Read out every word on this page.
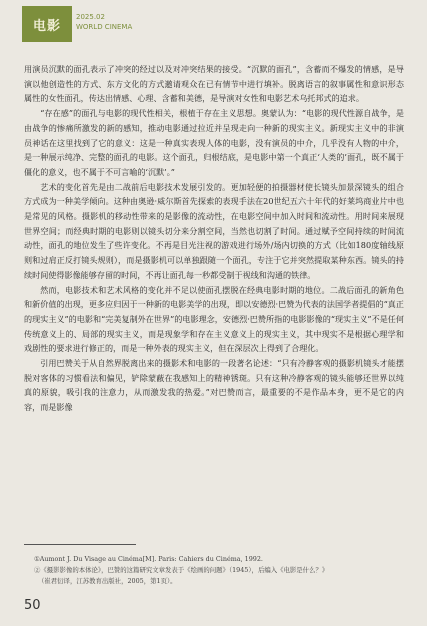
电影
2025.02
WORLD CINEMA

用演员沉默的面孔表示了冲突的经过以及对冲突结果的接受。“沉默的面孔”，含蓄而不爆发的情感，是导演以他创造性的方式、东方文化的方式邀请观众在已有情节中进行填补。脱离语言的叙事属性和意识形态属性的女性面孔，传达出情感、心理、含蓄和美德，是导演对女性和电影艺术乌托邦式的追求。

“存在感”的面孔与电影的现代性相关，根植于存在主义思想。奥蒙认为：“电影的现代性源自战争，是由战争的惨痛所激发的新的感知，推动电影通过拉近并呈现走向一种新的现实主义。新现实主义中的非演员神话在这里找到了它的意义：这是一种真实表现人体的电影，没有演员的中介，几乎没有人物的中介，是一种展示纯净、完整的面孔的电影。这个面孔，归根结底，是电影中第一个真正‘人类的’面孔，既不属于僵化的意义，也不属于不可言喻的‘沉默’。”

艺术的变化首先是由二战前后电影技术发展引发的。更加轻便的拍摄器材使长镜头加景深镜头的组合方式成为一种美学倾向。这种由奥逊·威尔斯首先探索的表现手法在20世纪五六十年代的好莱坞商业片中也是常见的风格。摄影机的移动性带来的是影像的流动性，在电影空间中加入时间和流动性。用时间来展现世界空间；而经典时期的电影则以镜头切分来分割空间，当然也切割了时间。通过赋予空间持续的时间流动性，面孔的地位发生了些许变化。不再是目光注视的游戏进行场外/场内切换的方式（比如180度轴线原则和过肩正反打镜头规则），而是摄影机可以单独跟随一个面孔，专注于它并突然提取某种东西。镜头的持续时间使得影像能够存留的时间，不再让面孔每一秒都受制于视线和沟通的铁律。

然而，电影技术和艺术风格的变化并不足以使面孔摆脱在经典电影时期的地位。二战后面孔的新角色和新价值的出现，更多应归因于一种新的电影美学的出现，即以安德烈·巴赞为代表的法国学者提倡的“真正的现实主义”的电影和“完美复制外在世界”的电影理念，安德烈·巴赞所指的电影影像的“现实主义”不是任何传统意义上的、局部的现实主义，而是现象学和存在主义意义上的现实主义，其中现实不是根据心理学和戏剧性的要求进行修正的，而是一种外表的现实主义，但在深层次上得到了合理化。

引用巴赞关于从自然界脱离出来的摄影术和电影的一段著名论述：“只有冷静客观的摄影机镜头才能摆脱对客体的习惯看法和偏见，铲除蒙蔽在我感知上的精神锈斑。只有这种冷静客观的镜头能够还世界以纯真的原貌，吸引我的注意力，从而激发我的热爱。”对巴赞而言，最重要的不是作品本身，更不是它的内容，而是影像

①Aumont J. Du Visage au Cinéma[M]. Paris: Cahiers du Cinéma, 1992.
②《摄影影像的本体论》，巴赞的这篇研究文章发表于《绘画的问题》（1945），后编入《电影是什么？》
（崔君衍译，江苏教育出版社，2005，第1页）。
50
